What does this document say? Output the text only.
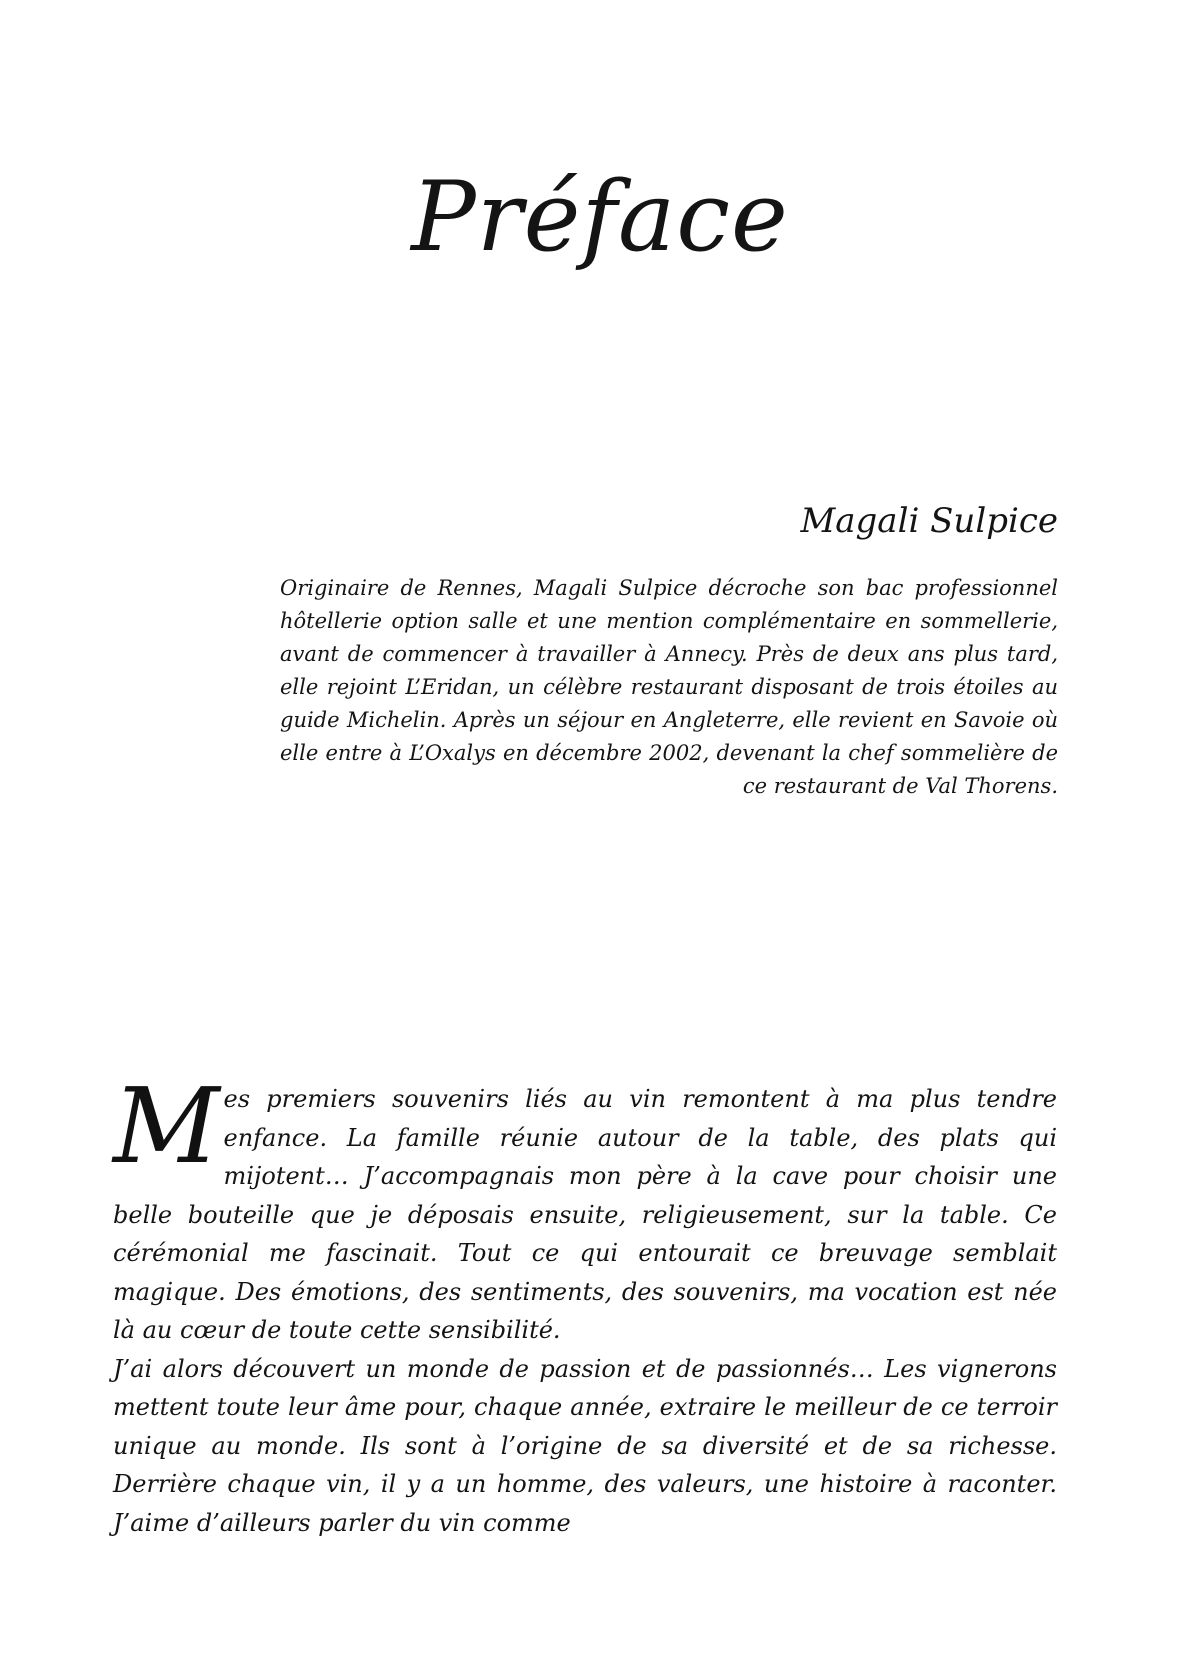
Préface

Magali Sulpice

Originaire de Rennes, Magali Sulpice décroche son bac professionnel hôtellerie option salle et une mention complémentaire en sommellerie, avant de commencer à travailler à Annecy. Près de deux ans plus tard, elle rejoint L’Eridan, un célèbre restaurant disposant de trois étoiles au guide Michelin. Après un séjour en Angleterre, elle revient en Savoie où elle entre à L’Oxalys en décembre 2002, devenant la chef sommelière de ce restaurant de Val Thorens.

Mes premiers souvenirs liés au vin remontent à ma plus tendre enfance. La famille réunie autour de la table, des plats qui mijotent… J’accompagnais mon père à la cave pour choisir une belle bouteille que je déposais ensuite, religieusement, sur la table. Ce cérémonial me fascinait. Tout ce qui entourait ce breuvage semblait magique. Des émotions, des sentiments, des souvenirs, ma vocation est née là au cœur de toute cette sensibilité.

J’ai alors découvert un monde de passion et de passionnés… Les vignerons mettent toute leur âme pour, chaque année, extraire le meilleur de ce terroir unique au monde. Ils sont à l’origine de sa diversité et de sa richesse. Derrière chaque vin, il y a un homme, des valeurs, une histoire à raconter. J’aime d’ailleurs parler du vin comme
